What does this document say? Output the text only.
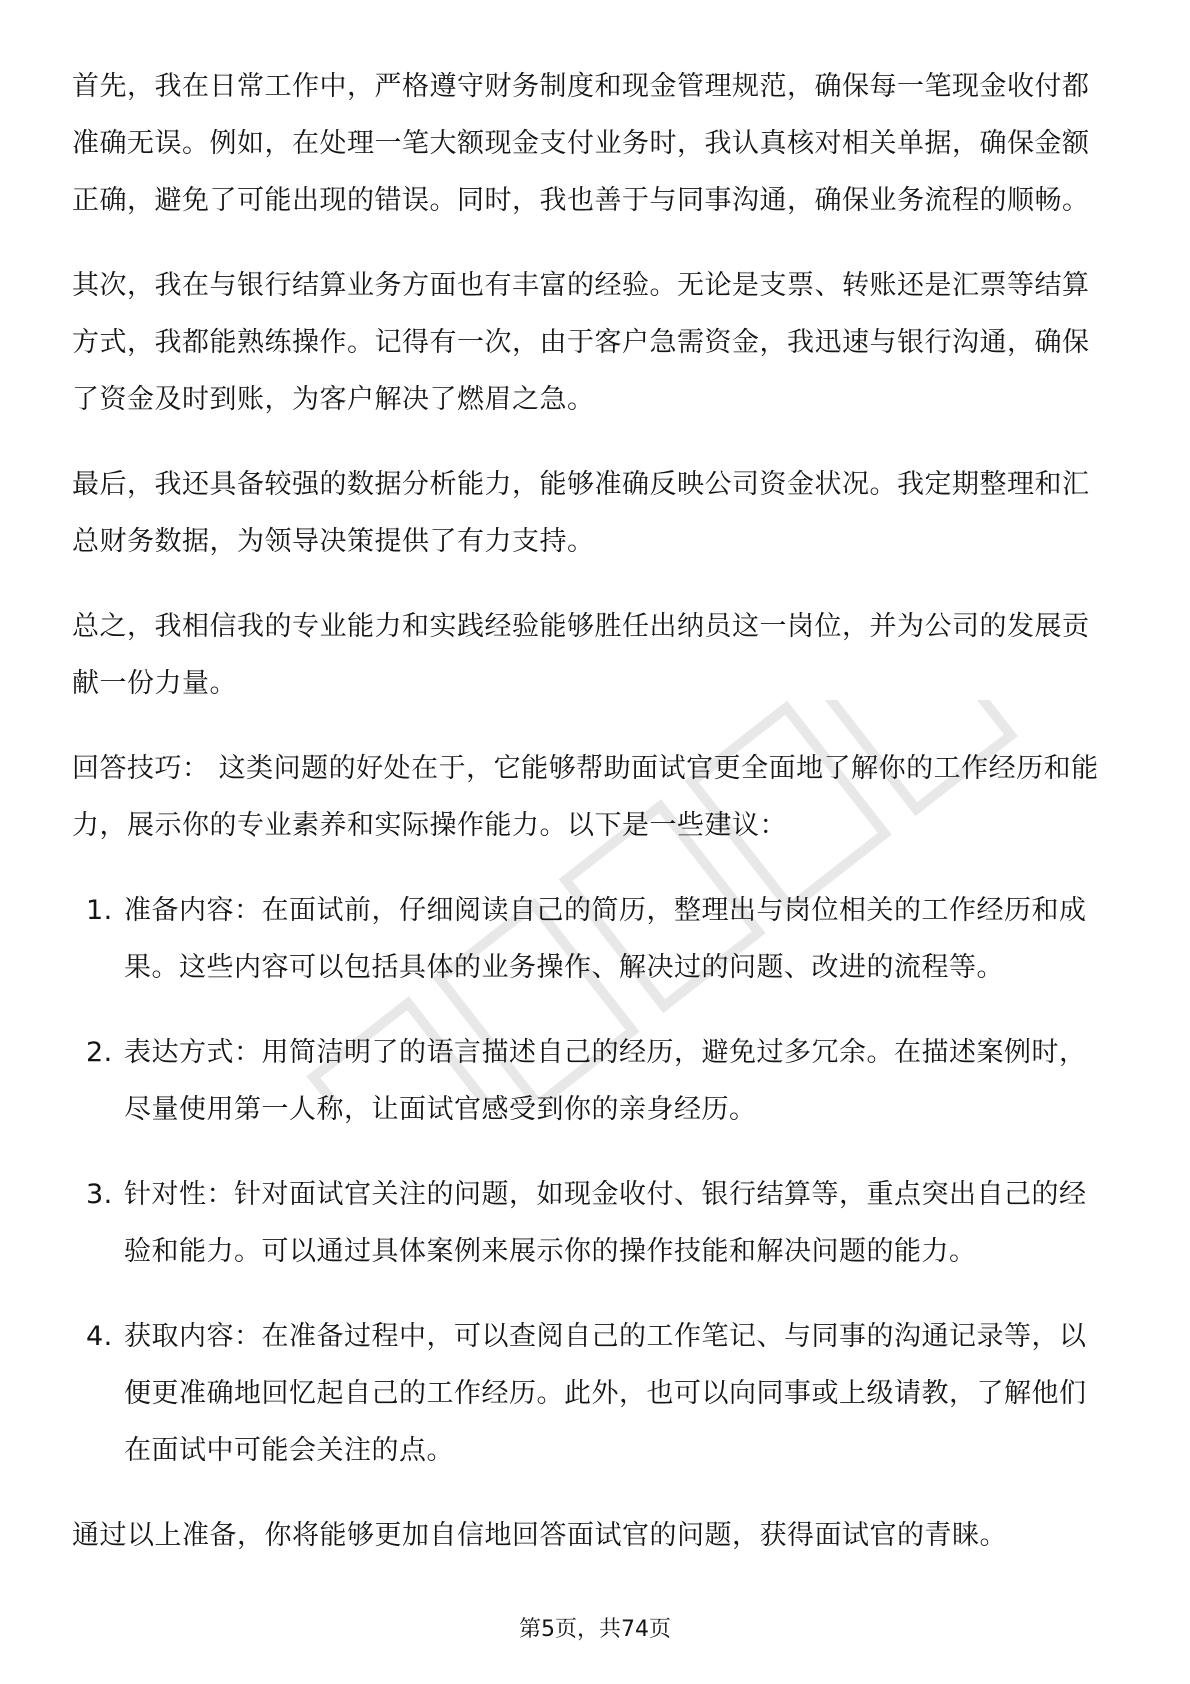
首先，我在日常工作中，严格遵守财务制度和现金管理规范，确保每一笔现金收付都准确无误。例如，在处理一笔大额现金支付业务时，我认真核对相关单据，确保金额正确，避免了可能出现的错误。同时，我也善于与同事沟通，确保业务流程的顺畅。

其次，我在与银行结算业务方面也有丰富的经验。无论是支票、转账还是汇票等结算方式，我都能熟练操作。记得有一次，由于客户急需资金，我迅速与银行沟通，确保了资金及时到账，为客户解决了燃眉之急。

最后，我还具备较强的数据分析能力，能够准确反映公司资金状况。我定期整理和汇总财务数据，为领导决策提供了有力支持。

总之，我相信我的专业能力和实践经验能够胜任出纳员这一岗位，并为公司的发展贡献一份力量。

回答技巧： 这类问题的好处在于，它能够帮助面试官更全面地了解你的工作经历和能力，展示你的专业素养和实际操作能力。以下是一些建议：

1. 准备内容：在面试前，仔细阅读自己的简历，整理出与岗位相关的工作经历和成果。这些内容可以包括具体的业务操作、解决过的问题、改进的流程等。
2. 表达方式：用简洁明了的语言描述自己的经历，避免过多冗余。在描述案例时，尽量使用第一人称，让面试官感受到你的亲身经历。
3. 针对性：针对面试官关注的问题，如现金收付、银行结算等，重点突出自己的经验和能力。可以通过具体案例来展示你的操作技能和解决问题的能力。
4. 获取内容：在准备过程中，可以查阅自己的工作笔记、与同事的沟通记录等，以便更准确地回忆起自己的工作经历。此外，也可以向同事或上级请教，了解他们在面试中可能会关注的点。

通过以上准备，你将能够更加自信地回答面试官的问题，获得面试官的青睐。

第5页，共74页
